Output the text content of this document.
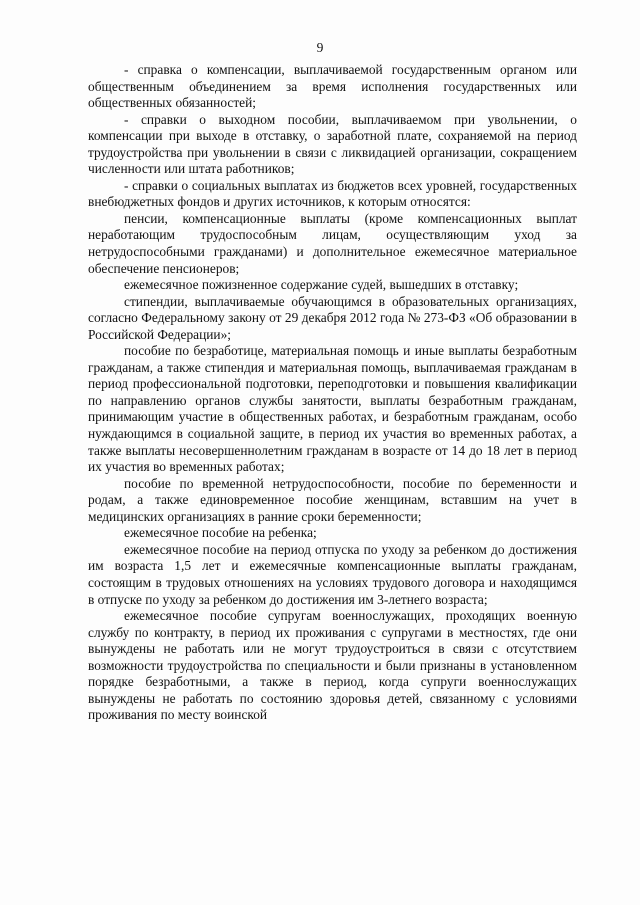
9

- справка о компенсации, выплачиваемой государственным органом или общественным объединением за время исполнения государственных или общественных обязанностей;

- справки о выходном пособии, выплачиваемом при увольнении, о компенсации при выходе в отставку, о заработной плате, сохраняемой на период трудоустройства при увольнении в связи с ликвидацией организации, сокращением численности или штата работников;

- справки о социальных выплатах из бюджетов всех уровней, государственных внебюджетных фондов и других источников, к которым относятся:

пенсии, компенсационные выплаты (кроме компенсационных выплат неработающим трудоспособным лицам, осуществляющим уход за нетрудоспособными гражданами) и дополнительное ежемесячное материальное обеспечение пенсионеров;

ежемесячное пожизненное содержание судей, вышедших в отставку;

стипендии, выплачиваемые обучающимся в образовательных организациях, согласно Федеральному закону от 29 декабря 2012 года № 273-ФЗ «Об образовании в Российской Федерации»;

пособие по безработице, материальная помощь и иные выплаты безработным гражданам, а также стипендия и материальная помощь, выплачиваемая гражданам в период профессиональной подготовки, переподготовки и повышения квалификации по направлению органов службы занятости, выплаты безработным гражданам, принимающим участие в общественных работах, и безработным гражданам, особо нуждающимся в социальной защите, в период их участия во временных работах, а также выплаты несовершеннолетним гражданам в возрасте от 14 до 18 лет в период их участия во временных работах;

пособие по временной нетрудоспособности, пособие по беременности и родам, а также единовременное пособие женщинам, вставшим на учет в медицинских организациях в ранние сроки беременности;

ежемесячное пособие на ребенка;

ежемесячное пособие на период отпуска по уходу за ребенком до достижения им возраста 1,5 лет и ежемесячные компенсационные выплаты гражданам, состоящим в трудовых отношениях на условиях трудового договора и находящимся в отпуске по уходу за ребенком до достижения им 3-летнего возраста;

ежемесячное пособие супругам военнослужащих, проходящих военную службу по контракту, в период их проживания с супругами в местностях, где они вынуждены не работать или не могут трудоустроиться в связи с отсутствием возможности трудоустройства по специальности и были признаны в установленном порядке безработными, а также в период, когда супруги военнослужащих вынуждены не работать по состоянию здоровья детей, связанному с условиями проживания по месту воинской
